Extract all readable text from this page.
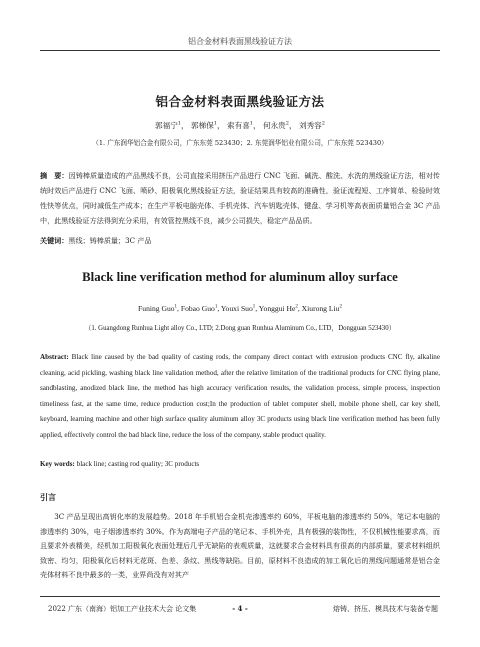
铝合金材料表面黑线验证方法
铝合金材料表面黑线验证方法
郭福宁$^1$， 郭梯保$^1$， 索有喜$^1$， 何永贵$^2$， 刘秀容$^2$
（1. 广东润华铝合金有限公司，广东东莞 523430；2. 东莞润华铝业有限公司，广东东莞 523430）
摘　要：因铸棒质量造成的产品黑线不良，公司直接采用挤压产品进行 CNC 飞面、碱洗、酸洗、水洗的黑线验证方法，相对传统时效后产品进行 CNC 飞面、喷砂、阳极氧化黑线验证方法，验证结果具有较高的准确性，验证流程短、工序简单、检验时效性快等优点，同时减低生产成本；在生产平板电脑壳体、手机壳体、汽车钥匙壳体、键盘、学习机等高表面质量铝合金 3C 产品中，此黑线验证方法得到充分采用，有效管控黑线不良，减少公司损失，稳定产品品质。
关键词：黑线；铸棒质量；3C 产品
Black line verification method for aluminum alloy surface
Funing Guo$^1$, Fobao Guo$^1$, Youxi Suo$^1$, Yonggui He$^2$, Xiurong Liu$^2$
（1. Guangdong Runhua Light alloy Co., LTD; 2.Dong guan Runhua Aluminum Co., LTD，Dongguan 523430）
Abstract: Black line caused by the bad quality of casting rods, the company direct contact with extrusion products CNC fly, alkaline cleaning, acid pickling, washing black line validation method, after the relative limitation of the traditional products for CNC flying plane, sandblasting, anodized black line, the method has high accuracy verification results, the validation process, simple process, inspection timeliness fast, at the same time, reduce production cost;In the production of tablet computer shell, mobile phone shell, car key shell, keyboard, learning machine and other high surface quality aluminum alloy 3C products using black line verification method has been fully applied, effectively control the bad black line, reduce the loss of the company, stable product quality.
Key words: black line; casting rod quality; 3C products
引言
3C 产品呈现出高钥化率的发展趋势。2018 年手机铝合金机壳渗透率约 60%，平板电脑的渗透率约 50%，笔记本电脑的渗透率约 30%，电子烟渗透率约 30%。作为高端电子产品的笔记本、手机外壳，具有极强的装饰性，不仅机械性能要求高，而且要求外表精美，经机加工阳极氧化表面处理后几乎无缺陷的表观质量，这就要求合金材料具有很高的内部质量，要求材料组织致密、均匀，阳极氧化后材料无花斑、色差、条纹、黑线等缺陷。目前，原材料不良造成的加工氧化后的黑线问题通常是铝合金壳体材料不良中最多的一类，业界尚没有对其产
2022 广东（南海）铝加工产业技术大会 论文集	- 4 -	熔铸、挤压、模具技术与装备专题
